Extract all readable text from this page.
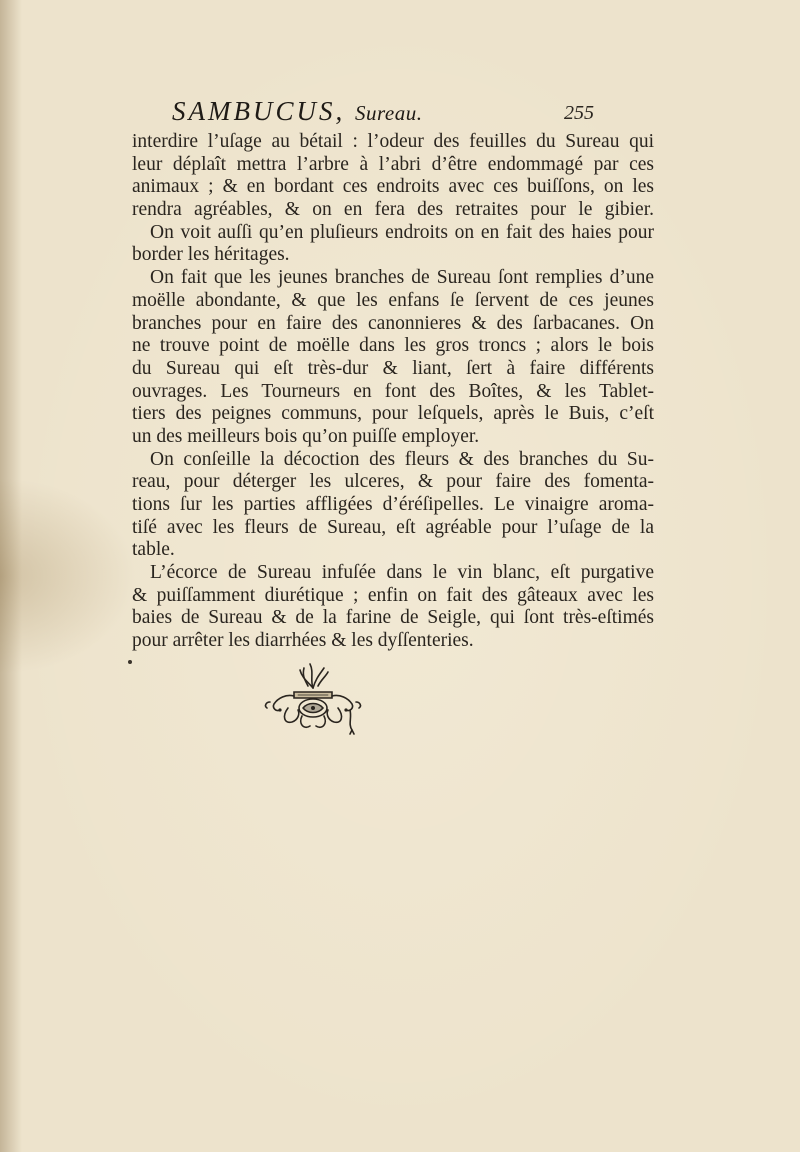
SAMBUCUS, Sureau.	255
interdire l’uſage au bétail : l’odeur des feuilles du Sureau qui
leur déplaît mettra l’arbre à l’abri d’être endommagé par ces
animaux ; & en bordant ces endroits avec ces buiſſons, on les
rendra agréables, & on en fera des retraites pour le gibier.
On voit auſſi qu’en pluſieurs endroits on en fait des haies pour
border les héritages.
On fait que les jeunes branches de Sureau ſont remplies d’une
moëlle abondante, & que les enfans ſe ſervent de ces jeunes
branches pour en faire des canonnieres & des ſarbacanes. On
ne trouve point de moëlle dans les gros troncs ; alors le bois
du Sureau qui eſt très-dur & liant, ſert à faire différents
ouvrages. Les Tourneurs en font des Boîtes, & les Tablet-
tiers des peignes communs, pour leſquels, après le Buis, c’eſt
un des meilleurs bois qu’on puiſſe employer.
On conſeille la décoction des fleurs & des branches du Su-
reau, pour déterger les ulceres, & pour faire des fomenta-
tions ſur les parties affligées d’éréſipelles. Le vinaigre aroma-
tiſé avec les fleurs de Sureau, eſt agréable pour l’uſage de la
table.
L’écorce de Sureau infuſée dans le vin blanc, eſt purgative
& puiſſamment diurétique ; enfin on fait des gâteaux avec les
baies de Sureau & de la farine de Seigle, qui ſont très-eſtimés
pour arrêter les diarrhées & les dyſſenteries.
